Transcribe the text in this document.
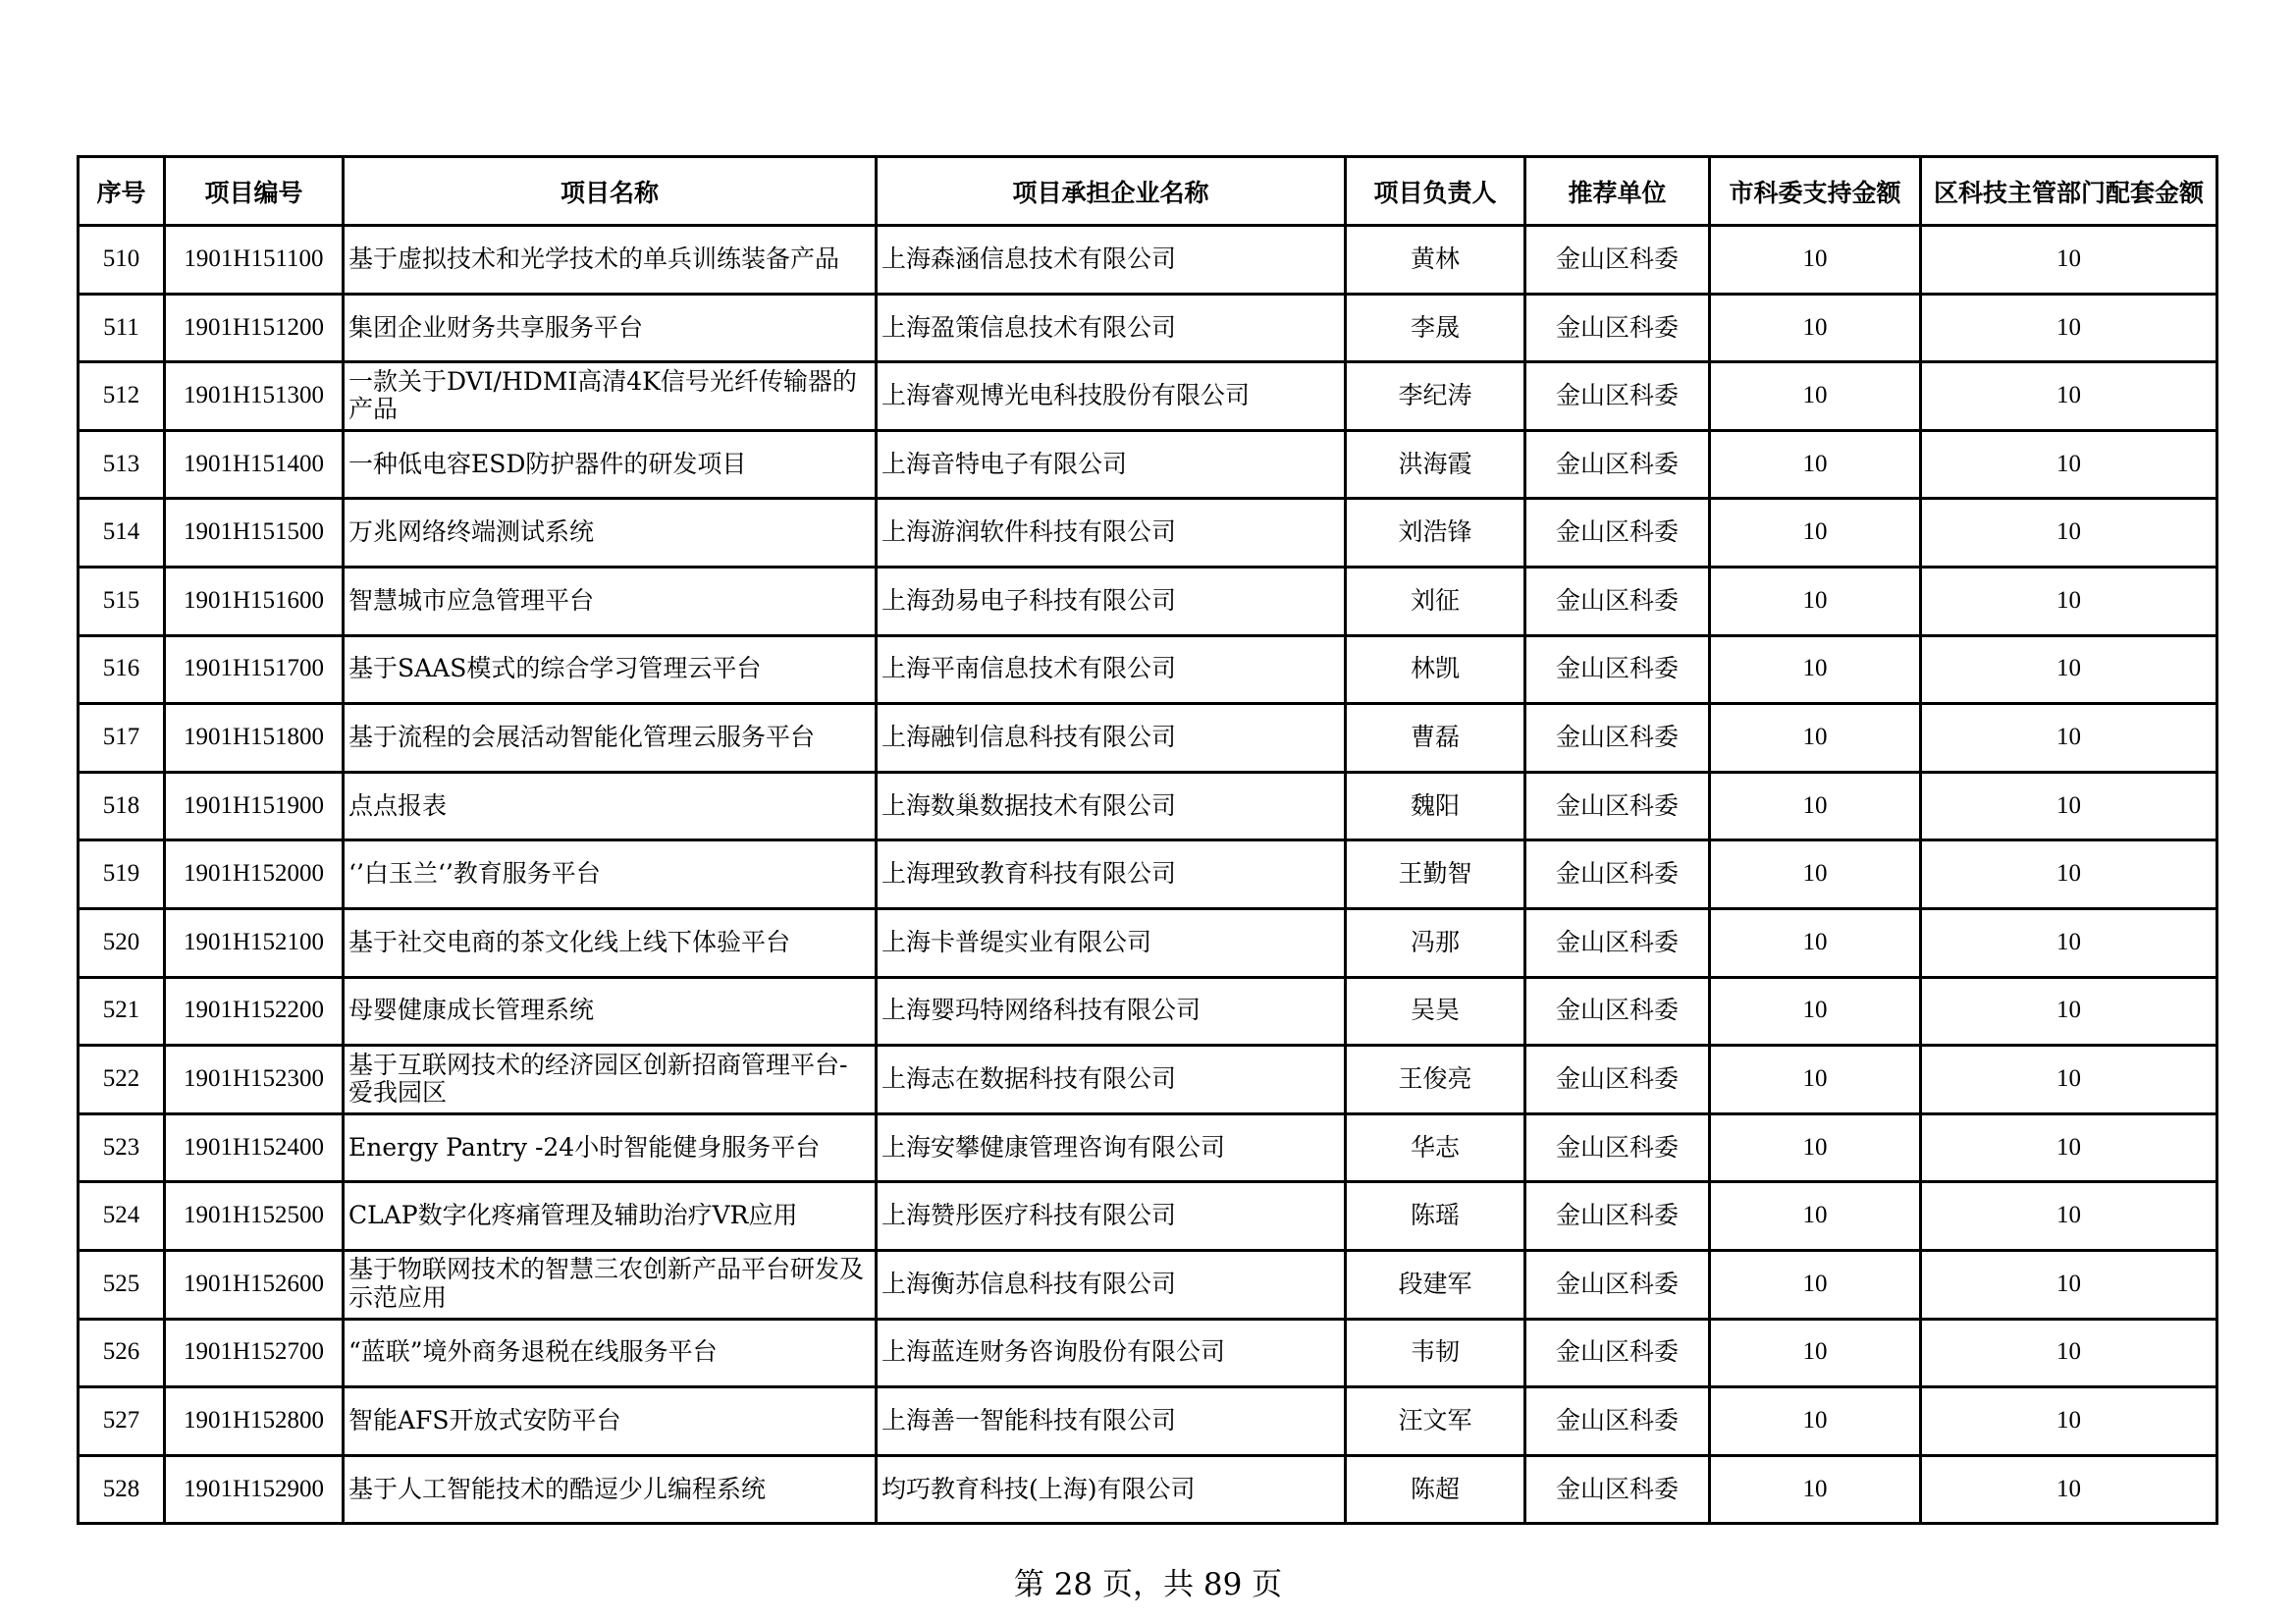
序号	项目编号	项目名称	项目承担企业名称	项目负责人	推荐单位	市科委支持金额	区科技主管部门配套金额
510	1901H151100	基于虚拟技术和光学技术的单兵训练装备产品	上海森涵信息技术有限公司	黄林	金山区科委	10	10
511	1901H151200	集团企业财务共享服务平台	上海盈策信息技术有限公司	李晟	金山区科委	10	10
512	1901H151300	一款关于DVI/HDMI高清4K信号光纤传输器的产品	上海睿观博光电科技股份有限公司	李纪涛	金山区科委	10	10
513	1901H151400	一种低电容ESD防护器件的研发项目	上海音特电子有限公司	洪海霞	金山区科委	10	10
514	1901H151500	万兆网络终端测试系统	上海游润软件科技有限公司	刘浩锋	金山区科委	10	10
515	1901H151600	智慧城市应急管理平台	上海劲易电子科技有限公司	刘征	金山区科委	10	10
516	1901H151700	基于SAAS模式的综合学习管理云平台	上海平南信息技术有限公司	林凯	金山区科委	10	10
517	1901H151800	基于流程的会展活动智能化管理云服务平台	上海融钊信息科技有限公司	曹磊	金山区科委	10	10
518	1901H151900	点点报表	上海数巢数据技术有限公司	魏阳	金山区科委	10	10
519	1901H152000	‘’白玉兰‘’教育服务平台	上海理致教育科技有限公司	王勤智	金山区科委	10	10
520	1901H152100	基于社交电商的茶文化线上线下体验平台	上海卡普缇实业有限公司	冯那	金山区科委	10	10
521	1901H152200	母婴健康成长管理系统	上海婴玛特网络科技有限公司	吴昊	金山区科委	10	10
522	1901H152300	基于互联网技术的经济园区创新招商管理平台-爱我园区	上海志在数据科技有限公司	王俊亮	金山区科委	10	10
523	1901H152400	Energy Pantry -24小时智能健身服务平台	上海安攀健康管理咨询有限公司	华志	金山区科委	10	10
524	1901H152500	CLAP数字化疼痛管理及辅助治疗VR应用	上海赞彤医疗科技有限公司	陈瑶	金山区科委	10	10
525	1901H152600	基于物联网技术的智慧三农创新产品平台研发及示范应用	上海衡苏信息科技有限公司	段建军	金山区科委	10	10
526	1901H152700	“蓝联”境外商务退税在线服务平台	上海蓝连财务咨询股份有限公司	韦韧	金山区科委	10	10
527	1901H152800	智能AFS开放式安防平台	上海善一智能科技有限公司	汪文军	金山区科委	10	10
528	1901H152900	基于人工智能技术的酷逗少儿编程系统	均巧教育科技(上海)有限公司	陈超	金山区科委	10	10
第 28 页，共 89 页
